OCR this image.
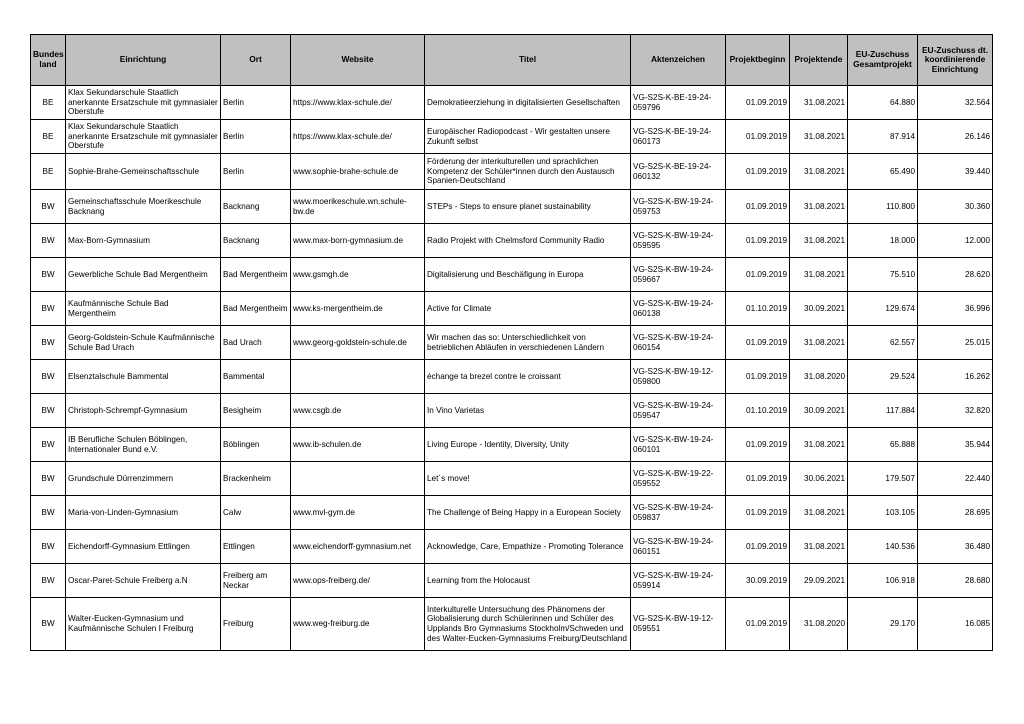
Bundes land	Einrichtung	Ort	Website	Titel	Aktenzeichen	Projektbeginn	Projektende	EU-Zuschuss Gesamtprojekt	EU-Zuschuss dt. koordinierende Einrichtung
BE	Klax Sekundarschule Staatlich anerkannte Ersatzschule mit gymnasialer Oberstufe	Berlin	https://www.klax-schule.de/	Demokratieerziehung in digitalisierten Gesellschaften	VG-S2S-K-BE-19-24-059796	01.09.2019	31.08.2021	64.880	32.564
BE	Klax Sekundarschule Staatlich anerkannte Ersatzschule mit gymnasialer Oberstufe	Berlin	https://www.klax-schule.de/	Europäischer Radiopodcast - Wir gestalten unsere Zukunft selbst	VG-S2S-K-BE-19-24-060173	01.09.2019	31.08.2021	87.914	26.146
BE	Sophie-Brahe-Gemeinschaftsschule	Berlin	www.sophie-brahe-schule.de	Förderung der interkulturellen und sprachlichen Kompetenz der Schüler*innen durch den Austausch Spanien-Deutschland	VG-S2S-K-BE-19-24-060132	01.09.2019	31.08.2021	65.490	39.440
BW	Gemeinschaftsschule Moerikeschule Backnang	Backnang	www.moerikeschule.wn.schule-bw.de	STEPs - Steps to ensure planet sustainability	VG-S2S-K-BW-19-24-059753	01.09.2019	31.08.2021	110.800	30.360
BW	Max-Born-Gymnasium	Backnang	www.max-born-gymnasium.de	Radio Projekt with Chelmsford Community Radio	VG-S2S-K-BW-19-24-059595	01.09.2019	31.08.2021	18.000	12.000
BW	Gewerbliche Schule Bad Mergentheim	Bad Mergentheim	www.gsmgh.de	Digitalisierung und Beschäfigung in Europa	VG-S2S-K-BW-19-24-059667	01.09.2019	31.08.2021	75.510	28.620
BW	Kaufmännische Schule Bad Mergentheim	Bad Mergentheim	www.ks-mergentheim.de	Active for Climate	VG-S2S-K-BW-19-24-060138	01.10.2019	30.09.2021	129.674	36.996
BW	Georg-Goldstein-Schule Kaufmännische Schule Bad Urach	Bad Urach	www.georg-goldstein-schule.de	Wir machen das so: Unterschiedlichkeit von betrieblichen Abläufen in verschiedenen Ländern	VG-S2S-K-BW-19-24-060154	01.09.2019	31.08.2021	62.557	25.015
BW	Elsenztalschule Bammental	Bammental		échange ta brezel contre le croissant	VG-S2S-K-BW-19-12-059800	01.09.2019	31.08.2020	29.524	16.262
BW	Christoph-Schrempf-Gymnasium	Besigheim	www.csgb.de	In Vino Varietas	VG-S2S-K-BW-19-24-059547	01.10.2019	30.09.2021	117.884	32.820
BW	IB Berufliche Schulen Böblingen, Internationaler Bund e.V.	Böblingen	www.ib-schulen.de	Living Europe - Identity, Diversity, Unity	VG-S2S-K-BW-19-24-060101	01.09.2019	31.08.2021	65.888	35.944
BW	Grundschule Dürrenzimmern	Brackenheim		Let´s move!	VG-S2S-K-BW-19-22-059552	01.09.2019	30.06.2021	179.507	22.440
BW	Maria-von-Linden-Gymnasium	Calw	www.mvl-gym.de	The Challenge of Being Happy in a European Society	VG-S2S-K-BW-19-24-059837	01.09.2019	31.08.2021	103.105	28.695
BW	Eichendorff-Gymnasium Ettlingen	Ettlingen	www.eichendorff-gymnasium.net	Acknowledge, Care, Empathize - Promoting Tolerance	VG-S2S-K-BW-19-24-060151	01.09.2019	31.08.2021	140.536	36.480
BW	Oscar-Paret-Schule Freiberg a.N	Freiberg am Neckar	www.ops-freiberg.de/	Learning from the Holocaust	VG-S2S-K-BW-19-24-059914	30.09.2019	29.09.2021	106.918	28.680
BW	Walter-Eucken-Gymnasium und Kaufmännische Schulen I Freiburg	Freiburg	www.weg-freiburg.de	Interkulturelle Untersuchung des Phänomens der Globalisierung durch Schülerinnen und Schüler des Upplands Bro Gymnasiums Stockholm/Schweden und des Walter-Eucken-Gymnasiums Freiburg/Deutschland	VG-S2S-K-BW-19-12-059551	01.09.2019	31.08.2020	29.170	16.085
